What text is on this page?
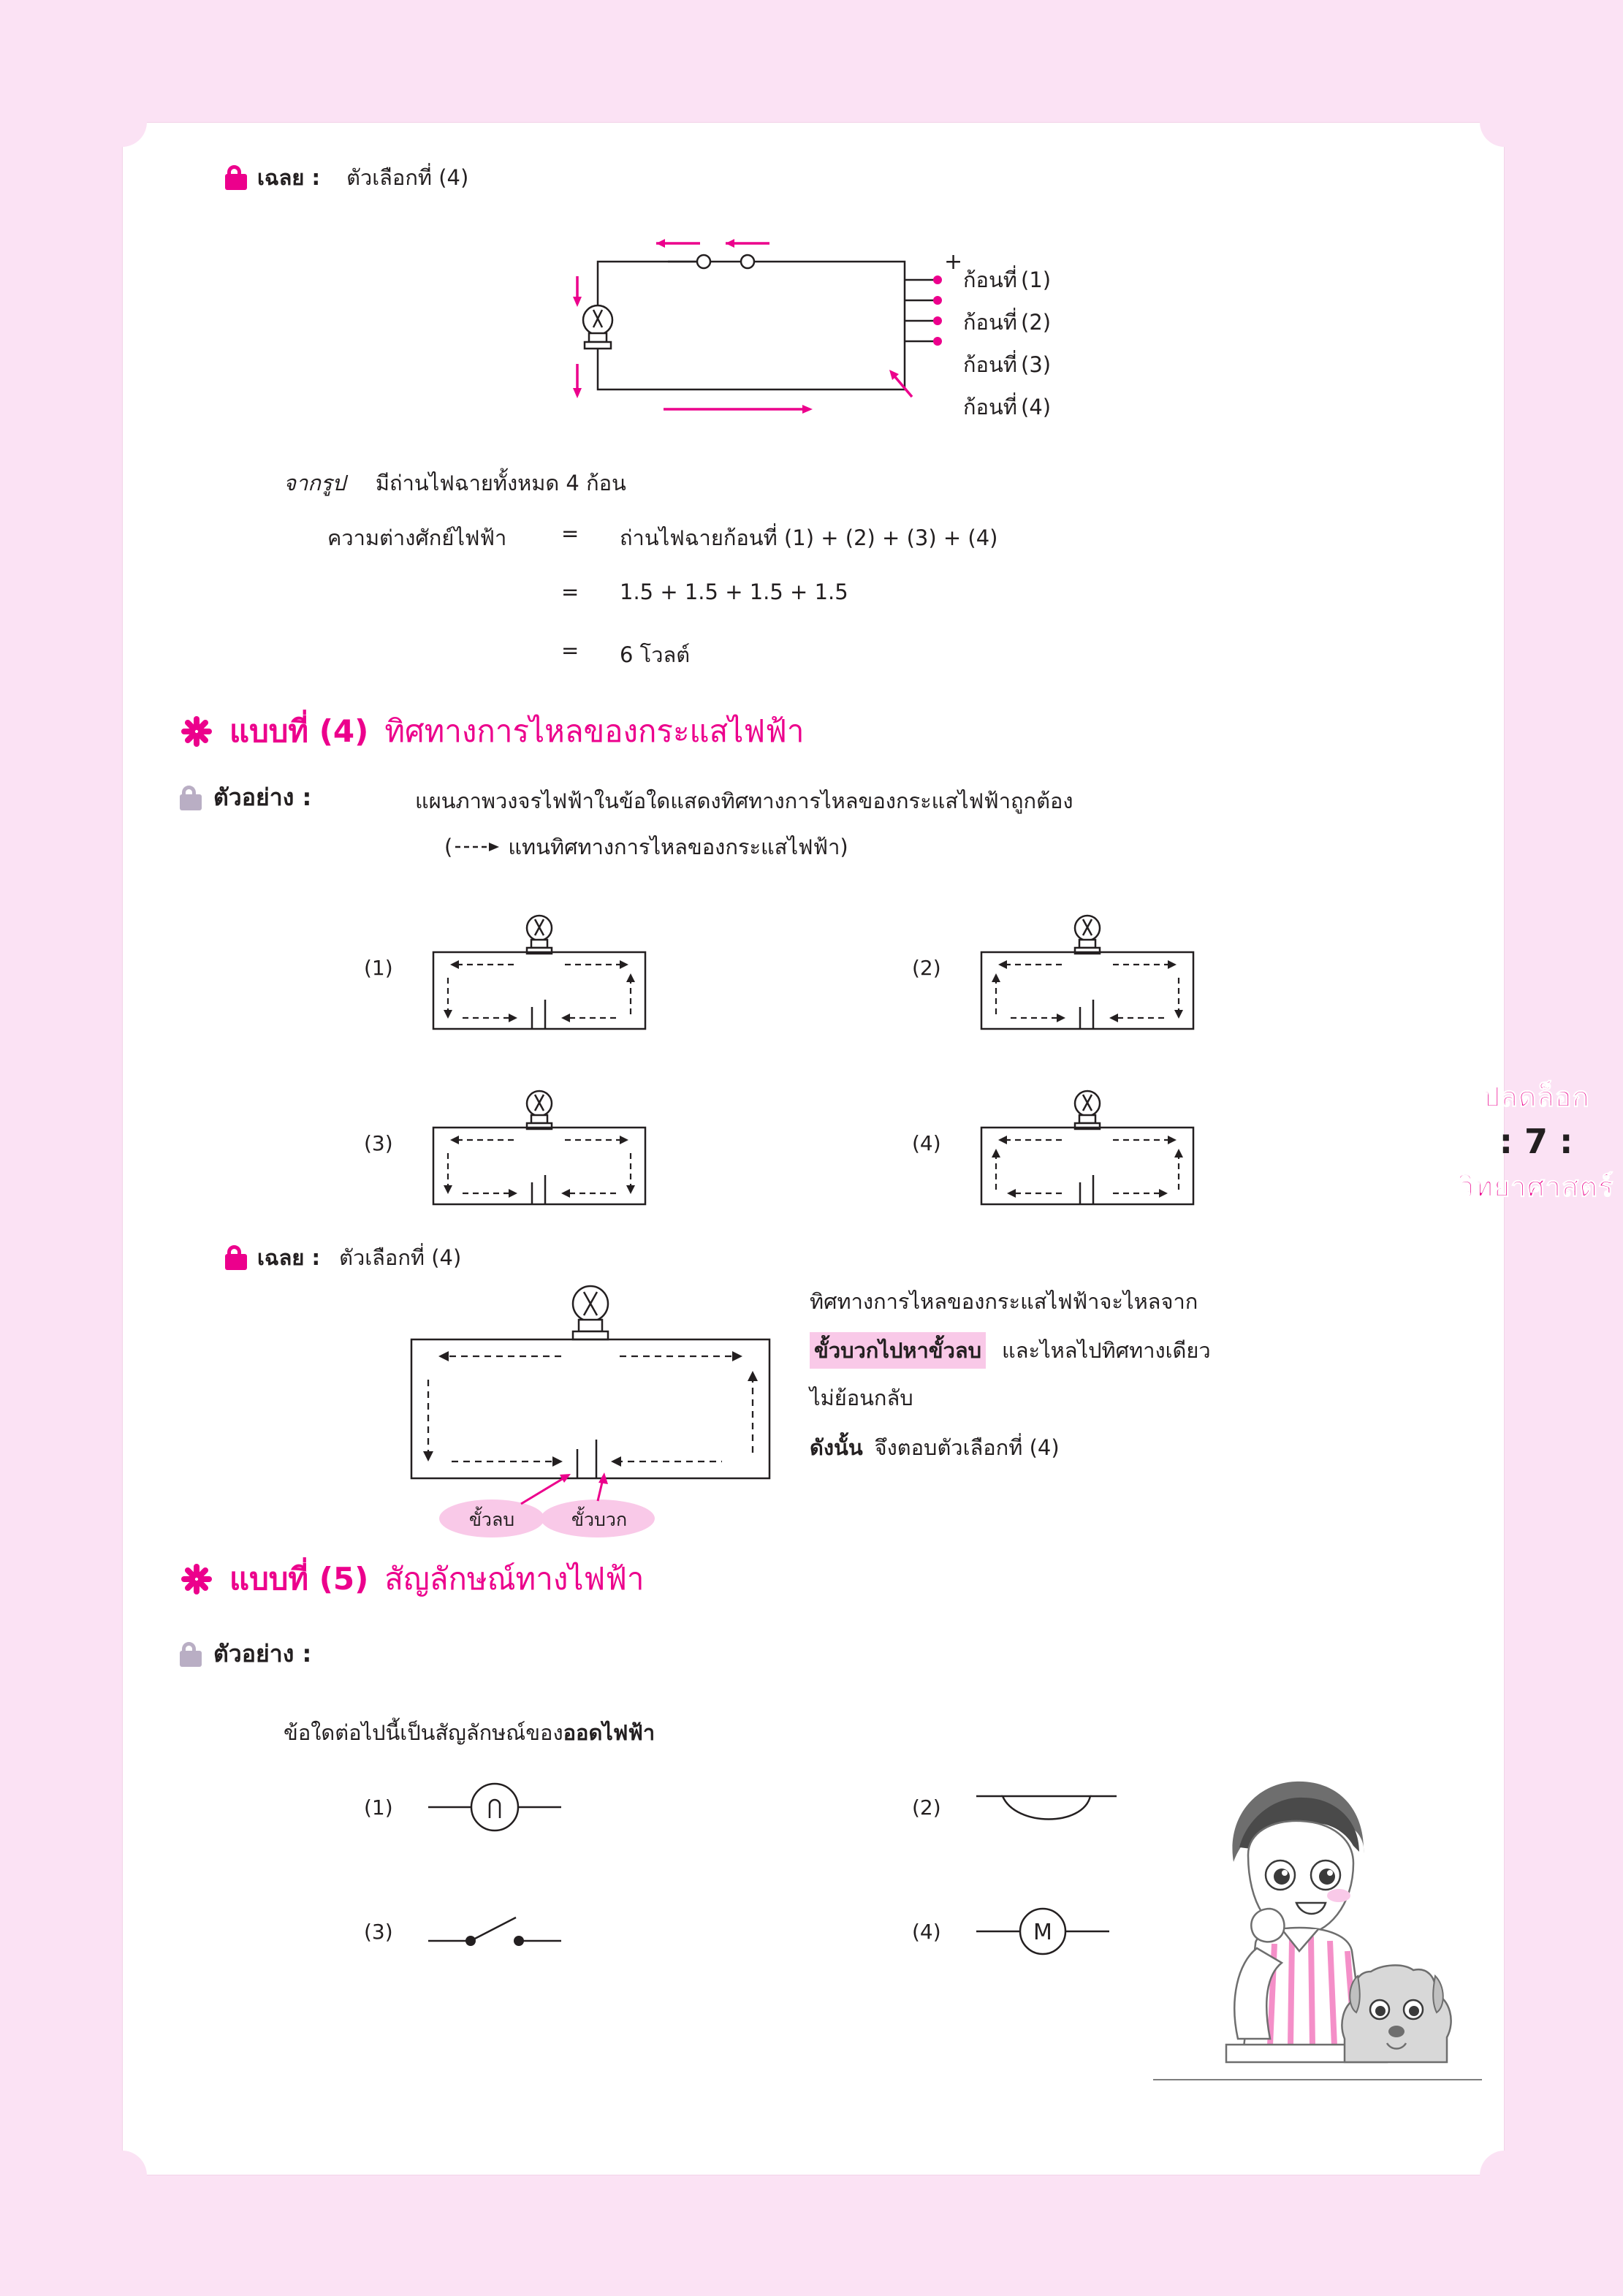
เฉลย : ตัวเลือกที่ (4)
+
ก้อนที่ (1)
ก้อนที่ (2)
ก้อนที่ (3)
ก้อนที่ (4)
จากรูป มีถ่านไฟฉายทั้งหมด 4 ก้อน
ความต่างศักย์ไฟฟ้า	=	ถ่านไฟฉายก้อนที่ (1) + (2) + (3) + (4)
=	1.5 + 1.5 + 1.5 + 1.5
=	6 โวลต์
แบบที่ (4) ทิศทางการไหลของกระแสไฟฟ้า
ตัวอย่าง :	แผนภาพวงจรไฟฟ้าในข้อใดแสดงทิศทางการไหลของกระแสไฟฟ้าถูกต้อง
(	แทนทิศทางการไหลของกระแสไฟฟ้า)
(1)	(2)
(3)	(4)
เฉลย : ตัวเลือกที่ (4)
ขั้วลบ	ขั้วบวก
ทิศทางการไหลของกระแสไฟฟ้าจะไหลจาก
ขั้วบวกไปหาขั้วลบ และไหลไปทิศทางเดียว
ไม่ย้อนกลับ
ดังนั้น จึงตอบตัวเลือกที่ (4)
แบบที่ (5) สัญลักษณ์ทางไฟฟ้า
ตัวอย่าง :
ข้อใดต่อไปนี้เป็นสัญลักษณ์ของ ออดไฟฟ้า
(1)	(2)
(3)	(4)	M
ปลดล็อก
: 7 :
วิทยาศาสตร์
